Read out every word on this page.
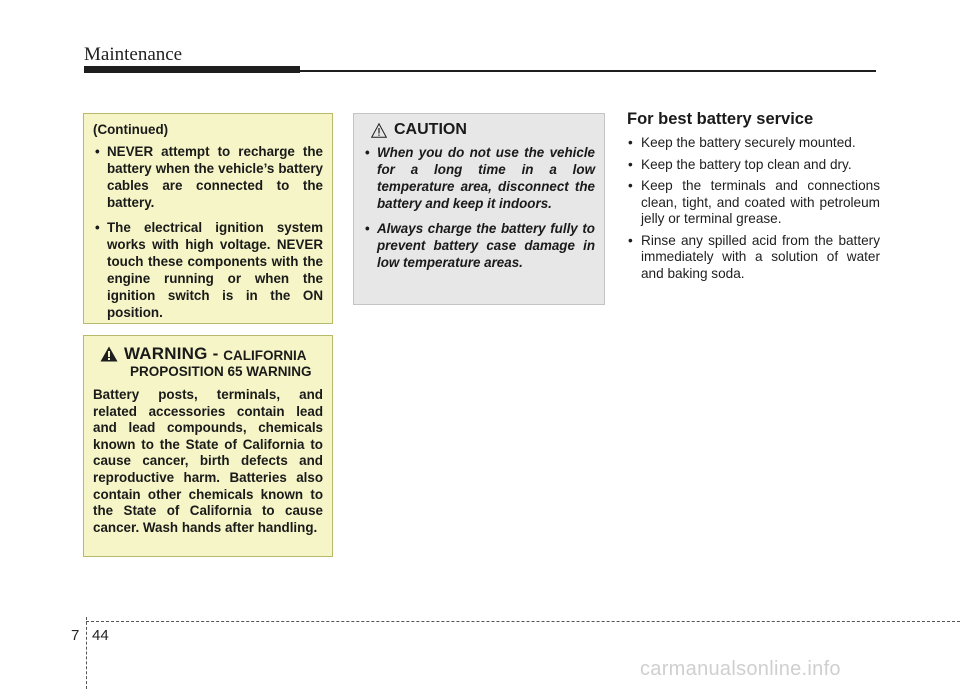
Maintenance
(Continued)
• NEVER attempt to recharge the battery when the vehicle’s battery cables are connected to the battery.
• The electrical ignition system works with high voltage. NEVER touch these components with the engine running or when the ignition switch is in the ON position.
WARNING - CALIFORNIA
PROPOSITION 65 WARNING
Battery posts, terminals, and related accessories contain lead and lead compounds, chemicals known to the State of California to cause cancer, birth defects and reproductive harm. Batteries also contain other chemicals known to the State of California to cause cancer. Wash hands after handling.
CAUTION
• When you do not use the vehicle for a long time in a low temperature area, disconnect the battery and keep it indoors.
• Always charge the battery fully to prevent battery case damage in low temperature areas.
For best battery service
• Keep the battery securely mounted.
• Keep the battery top clean and dry.
• Keep the terminals and connections clean, tight, and coated with petroleum jelly or terminal grease.
• Rinse any spilled acid from the battery immediately with a solution of water and baking soda.
7 44
carmanualsonline.info
